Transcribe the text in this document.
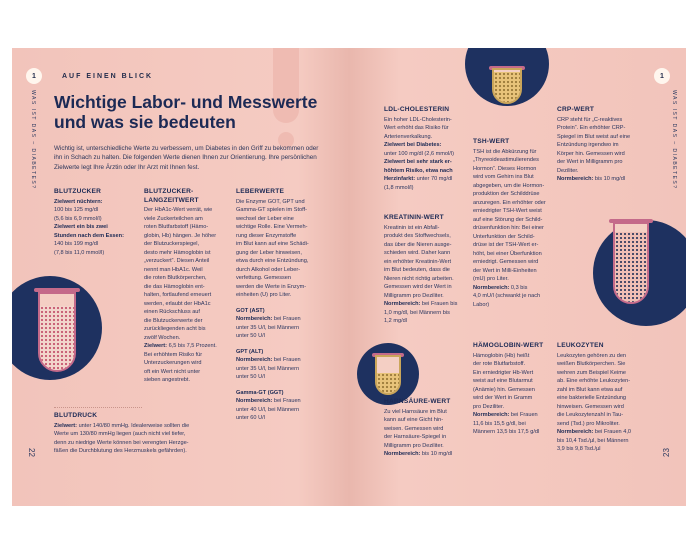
1
WAS IST DAS – DIABETES?
22
AUF EINEN BLICK
Wichtige Labor- und Messwerte und was sie bedeuten
Wichtig ist, unterschiedliche Werte zu verbessern, um Diabetes in den Griff zu bekommen oder ihn in Schach zu halten. Die folgenden Werte dienen Ihnen zur Orientierung. Ihre persönlichen Zielwerte legt Ihre Ärztin oder Ihr Arzt mit Ihnen fest.
BLUTZUCKER

Zielwert nüchtern:

100 bis 125 mg/dl

(5,6 bis 6,9 mmol/l)

Zielwert ein bis zwei

Stunden nach dem Essen:

140 bis 199 mg/dl

(7,8 bis 11,0 mmol/l)

BLUTZUCKER-
LANGZEITWERT

Der HbA1c-Wert verrät, wie

viele Zuckerteilchen am

roten Blutfarbstoff (Hämo-

globin, Hb) hängen. Je höher

der Blutzuckerspiegel,

desto mehr Hämoglobin ist

„verzuckert“. Diesen Anteil

nennt man HbA1c. Weil

die roten Blutkörperchen,

die das Hämoglobin ent-

halten, fortlaufend erneuert

werden, erlaubt der HbA1c

einen Rückschluss auf

die Blutzuckerwerte der

zurückliegenden acht bis

zwölf Wochen.

Zielwert: 6,5 bis 7,5 Prozent.

Bei erhöhtem Risiko für

Unterzuckerungen wird

oft ein Wert nicht unter

sieben angestrebt.

LEBERWERTE

Die Enzyme GOT, GPT und

Gamma-GT spielen im Stoff-

wechsel der Leber eine

wichtige Rolle. Eine Vermeh-

rung dieser Enzymstoffe

im Blut kann auf eine Schädi-

gung der Leber hinweisen,

etwa durch eine Entzündung,

durch Alkohol oder Leber-

verfettung. Gemessen

werden die Werte in Enzym-

einheiten (U) pro Liter.

GOT (AST)

Normbereich: bei Frauen

unter 35 U/l, bei Männern

unter 50 U/l

GPT (ALT)

Normbereich: bei Frauen

unter 35 U/l, bei Männern

unter 50 U/l

Gamma-GT (GGT)

Normbereich: bei Frauen

unter 40 U/l, bei Männern

unter 60 U/l

BLUTDRUCK

Zielwert: unter 140/80 mmHg. Idealerweise sollten die

Werte um 130/80 mmHg liegen (auch nicht viel tiefer,

denn zu niedrige Werte können bei verengten Herzge-

fäßen die Durchblutung des Herzmuskels gefährden).

1
WAS IST DAS – DIABETES?
23
LDL-CHOLESTERIN

Ein hoher LDL-Cholesterin-

Wert erhöht das Risiko für

Arterienverkalkung.

Zielwert bei Diabetes:

unter 100 mg/dl (2,6 mmol/l)

Zielwert bei sehr stark er-

höhtem Risiko, etwa nach

Herzinfarkt: unter 70 mg/dl

(1,8 mmol/l)

KREATININ-WERT

Kreatinin ist ein Abfall-

produkt des Stoffwechsels,

das über die Nieren ausge-

schieden wird. Daher kann

ein erhöhter Kreatinin-Wert

im Blut bedeuten, dass die

Nieren nicht richtig arbeiten.

Gemessen wird der Wert in

Milligramm pro Deziliter.

Normbereich: bei Frauen bis

1,0 mg/dl, bei Männern bis

1,2 mg/dl

HARNSÄURE-WERT

Zu viel Harnsäure im Blut

kann auf eine Gicht hin-

weisen. Gemessen wird

der Harnsäure-Spiegel in

Milligramm pro Deziliter.

Normbereich: bis 10 mg/dl

TSH-WERT

TSH ist die Abkürzung für

„Thyreoideastimulierendes

Hormon“. Dieses Hormon

wird vom Gehirn ins Blut

abgegeben, um die Hormon-

produktion der Schilddrüse

anzuregen. Ein erhöhter oder

erniedrigter TSH-Wert weist

auf eine Störung der Schild-

drüsenfunktion hin: Bei einer

Unterfunktion der Schild-

drüse ist der TSH-Wert er-

höht, bei einer Überfunktion

erniedrigt. Gemessen wird

der Wert in Milli-Einheiten

(mU) pro Liter.

Normbereich: 0,3 bis

4,0 mU/l (schwankt je nach

Labor)

HÄMOGLOBIN-WERT

Hämoglobin (Hb) heißt

der rote Blutfarbstoff.

Ein erniedrigter Hb-Wert

weist auf eine Blutarmut

(Anämie) hin. Gemessen

wird der Wert in Gramm

pro Deziliter.

Normbereich: bei Frauen

11,6 bis 15,5 g/dl, bei

Männern 13,5 bis 17,5 g/dl

CRP-WERT

CRP steht für „C-reaktives

Protein“. Ein erhöhter CRP-

Spiegel im Blut weist auf eine

Entzündung irgendwo im

Körper hin. Gemessen wird

der Wert in Milligramm pro

Deziliter.

Normbereich: bis 10 mg/dl

LEUKOZYTEN

Leukozyten gehören zu den

weißen Blutkörperchen. Sie

wehren zum Beispiel Keime

ab. Eine erhöhte Leukozyten-

zahl im Blut kann etwa auf

eine bakterielle Entzündung

hinweisen. Gemessen wird

die Leukozytenzahl in Tau-

send (Tsd.) pro Mikroliter.

Normbereich: bei Frauen 4,0

bis 10,4 Tsd./µl, bei Männern

3,9 bis 9,8 Tsd./µl
